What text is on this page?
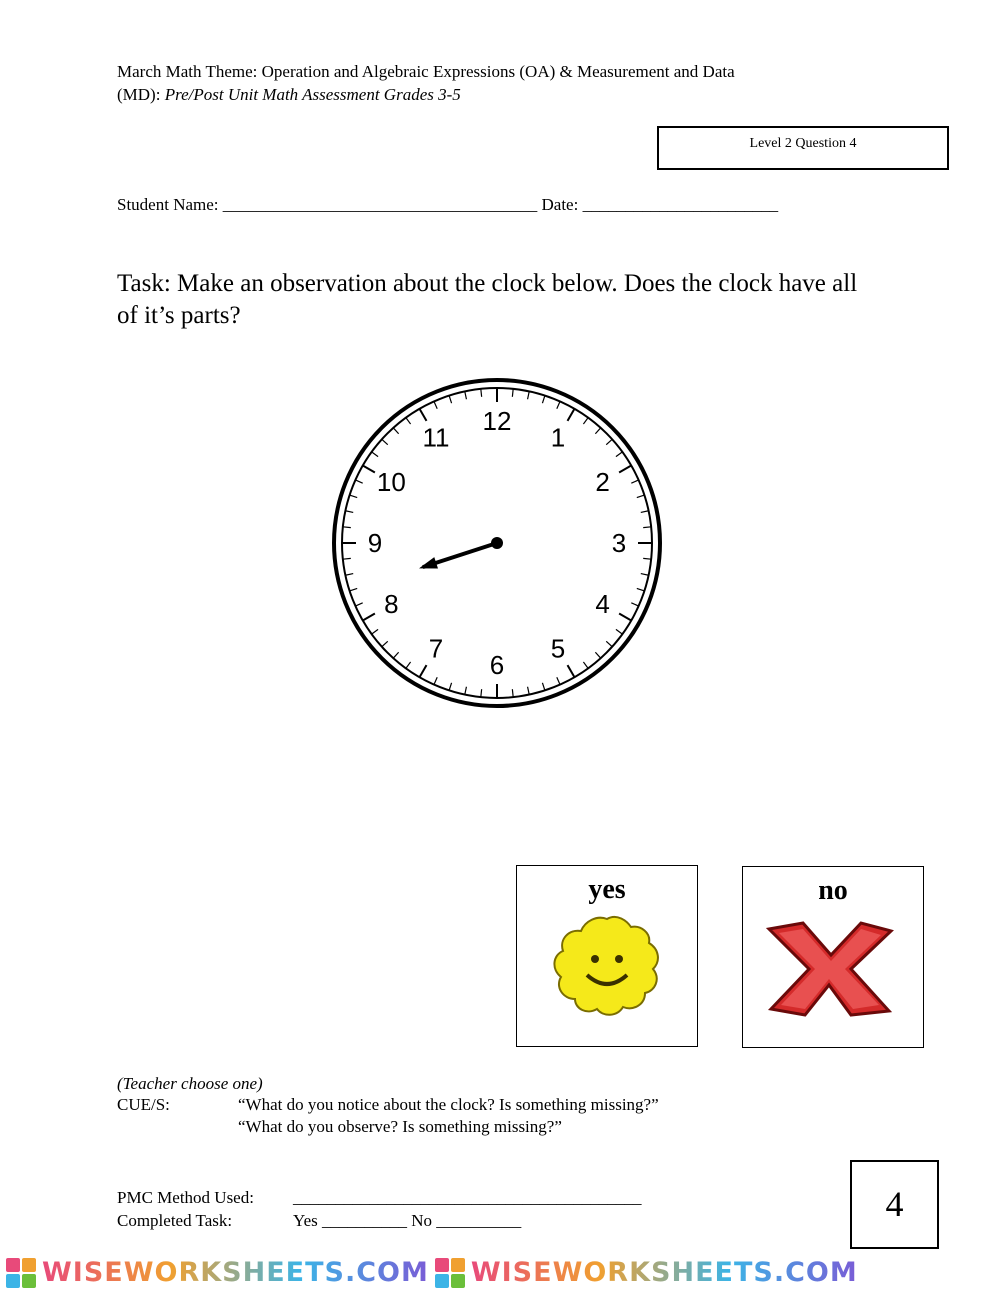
March Math Theme: Operation and Algebraic Expressions (OA) & Measurement and Data
(MD): Pre/Post Unit Math Assessment Grades 3-5
Level 2 Question 4
Student Name: _____________________________________ Date: _______________________
Task: Make an observation about the clock below. Does the clock have all of it’s parts?
12
1
2
3
4
5
6
7
8
9
10
11
yes	no
(Teacher choose one)
CUE/S:	“What do you notice about the clock? Is something missing?”
“What do you observe? Is something missing?”
PMC Method Used: _________________________________________
Completed Task:	Yes __________ No __________	4
WISEWORKSHEETS.COM WISEWORKSHEETS.COM
